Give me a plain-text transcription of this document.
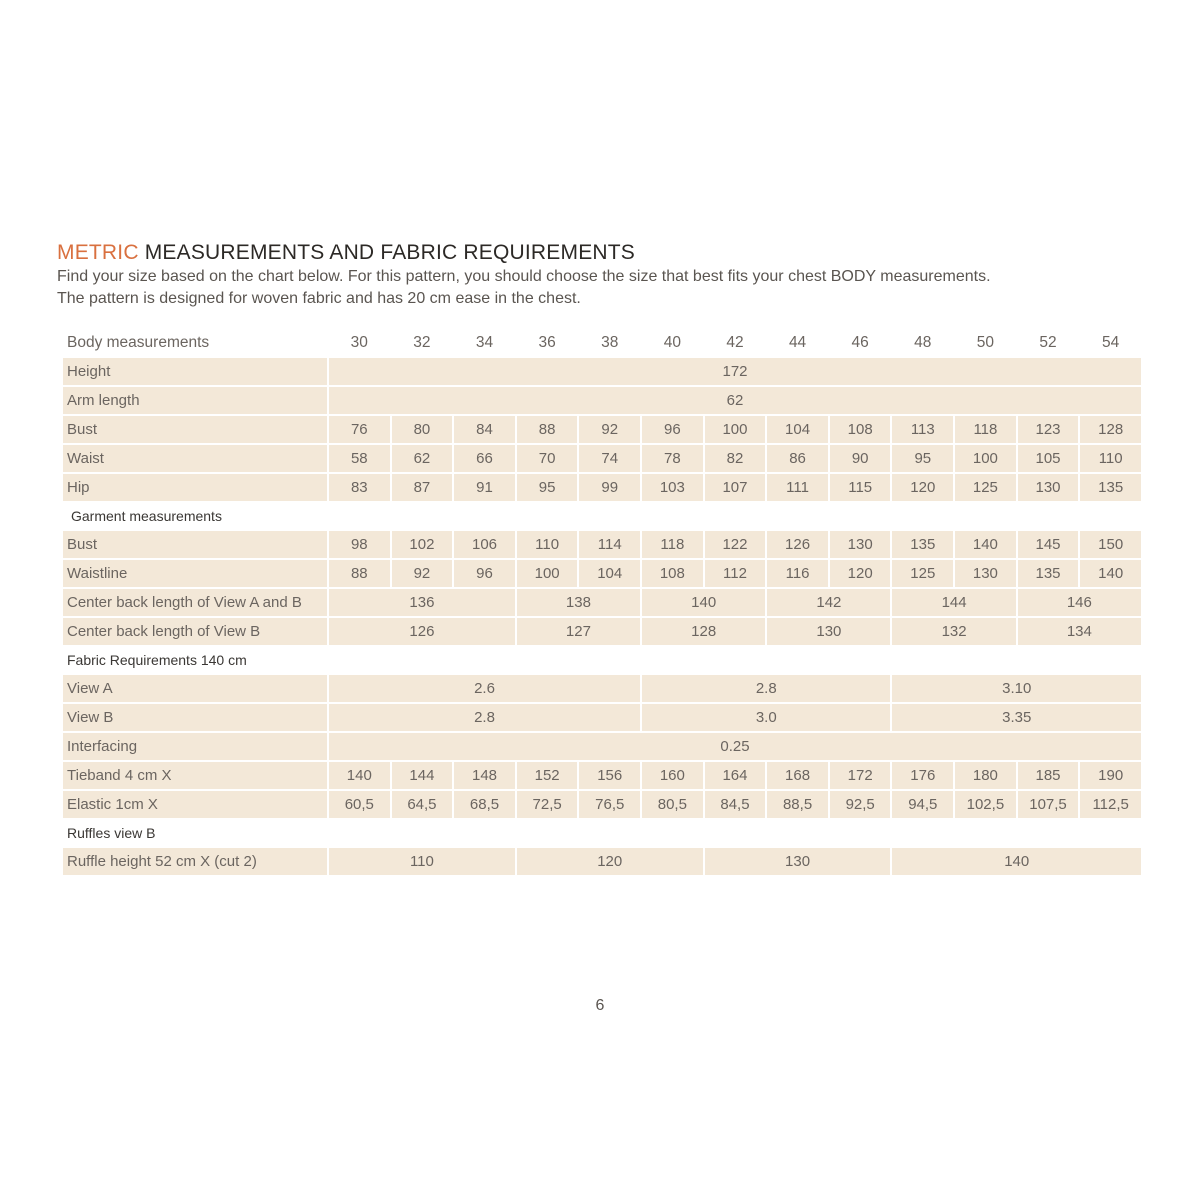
METRIC MEASUREMENTS AND FABRIC REQUIREMENTS
Find your size based on the chart below. For this pattern, you should choose the size that best fits your chest BODY measurements.
The pattern is designed for woven fabric and has 20 cm ease in the chest.
Body measurements	30	32	34	36	38	40	42	44	46	48	50	52	54
Height	172												
Arm length	62												
Bust	76	80	84	88	92	96	100	104	108	113	118	123	128
Waist	58	62	66	70	74	78	82	86	90	95	100	105	110
Hip	83	87	91	95	99	103	107	111	115	120	125	130	135
Garment measurements													
Bust	98	102	106	110	114	118	122	126	130	135	140	145	150
Waistline	88	92	96	100	104	108	112	116	120	125	130	135	140
Center back length of View A and B	136			138		140		142		144		146	
Center back length of View B	126			127		128		130		132		134	
Fabric Requirements 140 cm													
View A	2.6					2.8				3.10			
View B	2.8					3.0				3.35			
Interfacing	0.25												
Tieband 4 cm X	140	144	148	152	156	160	164	168	172	176	180	185	190
Elastic 1cm X	60,5	64,5	68,5	72,5	76,5	80,5	84,5	88,5	92,5	94,5	102,5	107,5	112,5
Ruffles view B													
Ruffle height 52 cm X (cut 2)	110			120			130			140			
6
